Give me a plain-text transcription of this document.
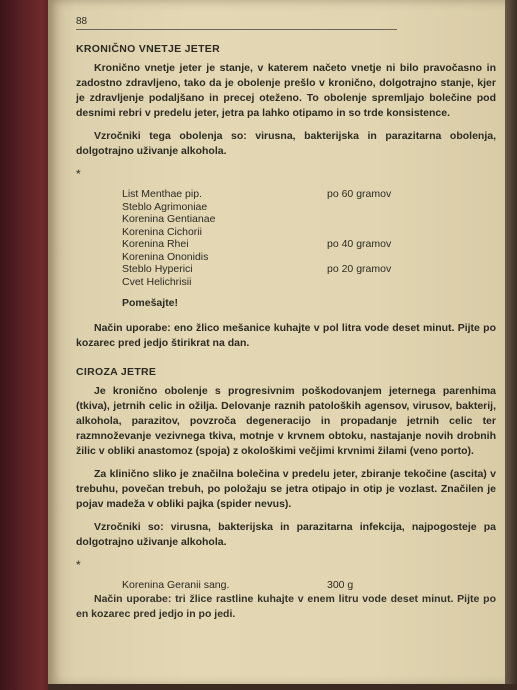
88
KRONIČNO VNETJE JETER

Kronično vnetje jeter je stanje, v katerem načeto vnetje ni bilo pravočasno in zadostno zdravljeno, tako da je obolenje prešlo v kronično, dolgotrajno stanje, kjer je zdravljenje podaljšano in precej oteženo. To obolenje spremljajo bolečine pod desnimi rebri v predelu jeter, jetra pa lahko otipamo in so trde konsistence.

Vzročniki tega obolenja so: virusna, bakterijska in parazitarna obolenja, dolgotrajno uživanje alkohola.

*
List Menthae pip.	po 60 gramov
Steblo Agrimoniae
Korenina Gentianae
Korenina Cichorii
Korenina Rhei	po 40 gramov
Korenina Ononidis
Steblo Hyperici	po 20 gramov
Cvet Helichrisii
Pomešajte!

Način uporabe: eno žlico mešanice kuhajte v pol litra vode deset minut. Pijte po kozarec pred jedjo štirikrat na dan.

CIROZA JETRE

Je kronično obolenje s progresivnim poškodovanjem jeternega parenhima (tkiva), jetrnih celic in ožilja. Delovanje raznih patoloških agensov, virusov, bakterij, alkohola, parazitov, povzroča degeneracijo in propadanje jetrnih celic ter razmnoževanje vezivnega tkiva, motnje v krvnem obtoku, nastajanje novih drobnih žilic v obliki anastomoz (spoja) z okološkimi večjimi krvnimi žilami (veno porto).

Za klinično sliko je značilna bolečina v predelu jeter, zbiranje tekočine (ascita) v trebuhu, povečan trebuh, po položaju se jetra otipajo in otip je vozlast. Značilen je pojav madeža v obliki pajka (spider nevus).

Vzročniki so: virusna, bakterijska in parazitarna infekcija, najpogosteje pa dolgotrajno uživanje alkohola.

*
Korenina Geranii sang.	300 g

Način uporabe: tri žlice rastline kuhajte v enem litru vode deset minut. Pijte po en kozarec pred jedjo in po jedi.
